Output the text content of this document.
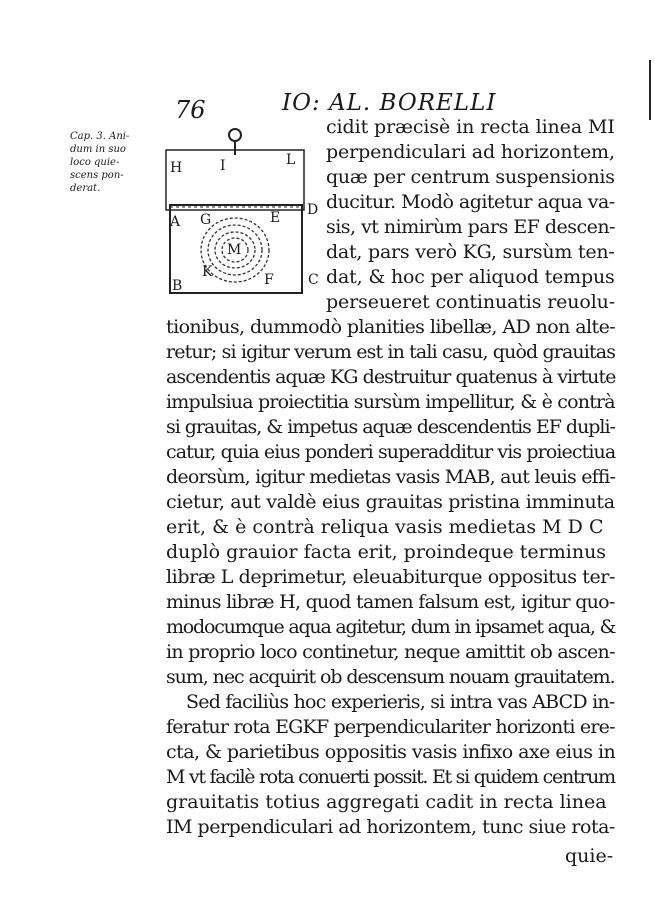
76	IO: AL. BORELLI
Cap. 3. Ani-
dum in suo
loco quie-
scens pon-
derat.
H	I	L
A G	E D
M
K	F
B	C
cidit præcisè in recta linea MI
perpendiculari ad horizontem,
quæ per centrum suspensionis
ducitur. Modò agitetur aqua va-
sis, vt nimirùm pars EF descen-
dat, pars verò KG, sursùm ten-
dat, & hoc per aliquod tempus
perseueret continuatis reuolu-
tionibus, dummodò planities libellæ, AD non alte-
retur; si igitur verum est in tali casu, quòd grauitas
ascendentis aquæ KG destruitur quatenus à virtute
impulsiua proiectitia sursùm impellitur, & è contrà
si grauitas, & impetus aquæ descendentis EF dupli-
catur, quia eius ponderi superadditur vis proiectiua
deorsùm, igitur medietas vasis MAB, aut leuis effi-
cietur, aut valdè eius grauitas pristina imminuta
erit, & è contrà reliqua vasis medietas M D C
duplò grauior facta erit, proindeque terminus
libræ L deprimetur, eleuabiturque oppositus ter-
minus libræ H, quod tamen falsum est, igitur quo-
modocumque aqua agitetur, dum in ipsamet aqua, &
in proprio loco continetur, neque amittit ob ascen-
sum, nec acquirit ob descensum nouam grauitatem.
Sed faciliùs hoc experieris, si intra vas ABCD in-
feratur rota EGKF perpendiculariter horizonti ere-
cta, & parietibus oppositis vasis infixo axe eius in
M vt facilè rota conuerti possit. Et si quidem centrum
grauitatis totius aggregati cadit in recta linea
IM perpendiculari ad horizontem, tunc siue rota-
quie-
